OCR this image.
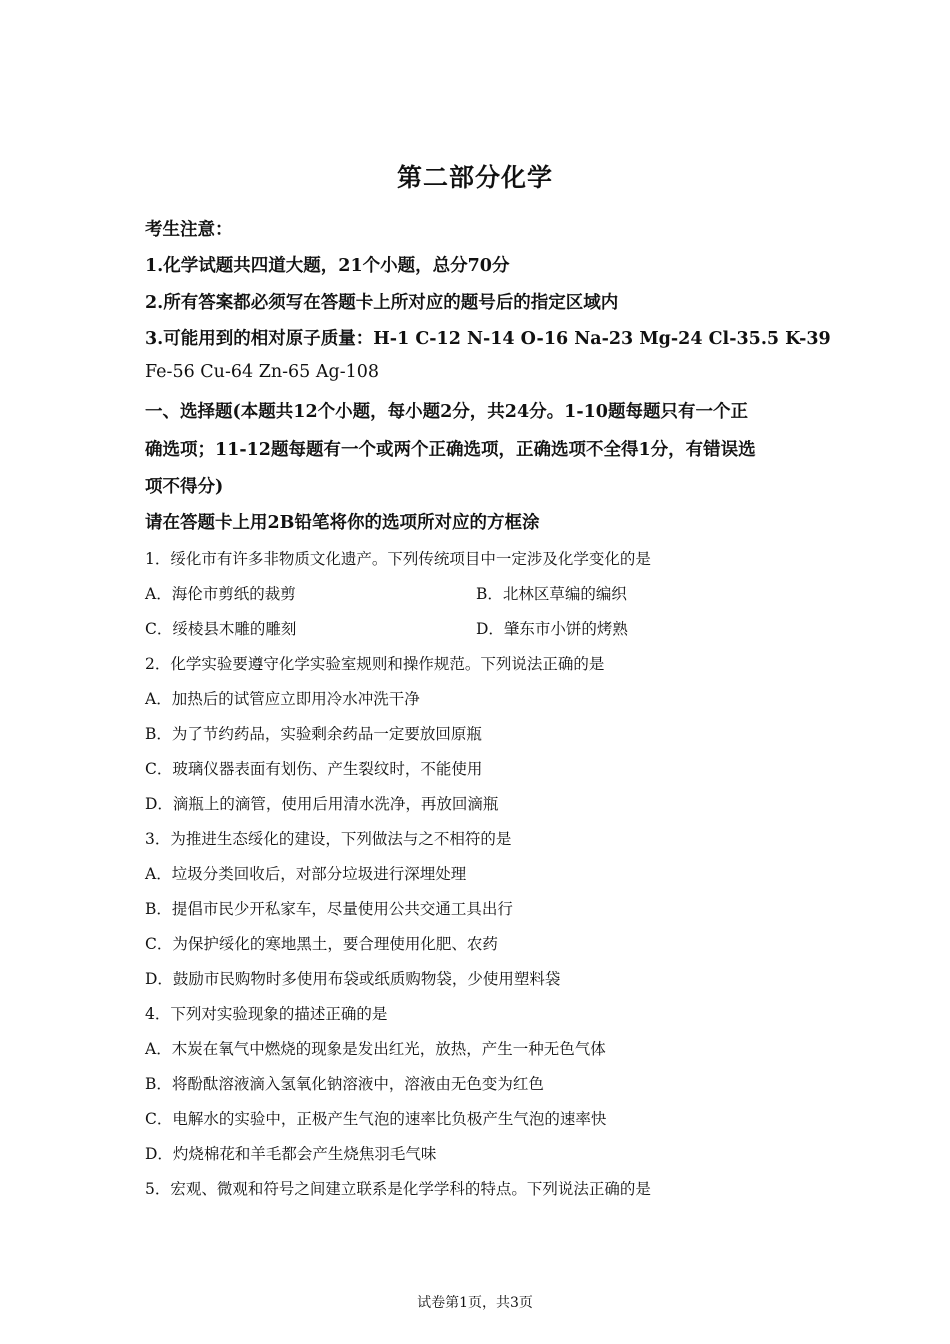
第二部分化学
考生注意：
1.化学试题共四道大题，21个小题，总分70分
2.所有答案都必须写在答题卡上所对应的题号后的指定区域内
3.可能用到的相对原子质量：H-1 C-12 N-14 O-16 Na-23 Mg-24 Cl-35.5 K-39
Fe-56 Cu-64 Zn-65 Ag-108
一、选择题(本题共12个小题，每小题2分，共24分。1-10题每题只有一个正
确选项；11-12题每题有一个或两个正确选项，正确选项不全得1分，有错误选
项不得分)
请在答题卡上用2B铅笔将你的选项所对应的方框涂
1．绥化市有许多非物质文化遗产。下列传统项目中一定涉及化学变化的是
A．海伦市剪纸的裁剪	B．北林区草编的编织
C．绥棱县木雕的雕刻	D．肇东市小饼的烤熟
2．化学实验要遵守化学实验室规则和操作规范。下列说法正确的是
A．加热后的试管应立即用冷水冲洗干净
B．为了节约药品，实验剩余药品一定要放回原瓶
C．玻璃仪器表面有划伤、产生裂纹时，不能使用
D．滴瓶上的滴管，使用后用清水洗净，再放回滴瓶
3．为推进生态绥化的建设，下列做法与之不相符的是
A．垃圾分类回收后，对部分垃圾进行深埋处理
B．提倡市民少开私家车，尽量使用公共交通工具出行
C．为保护绥化的寒地黑土，要合理使用化肥、农药
D．鼓励市民购物时多使用布袋或纸质购物袋，少使用塑料袋
4．下列对实验现象的描述正确的是
A．木炭在氧气中燃烧的现象是发出红光，放热，产生一种无色气体
B．将酚酞溶液滴入氢氧化钠溶液中，溶液由无色变为红色
C．电解水的实验中，正极产生气泡的速率比负极产生气泡的速率快
D．灼烧棉花和羊毛都会产生烧焦羽毛气味
5．宏观、微观和符号之间建立联系是化学学科的特点。下列说法正确的是
试卷第1页，共3页
